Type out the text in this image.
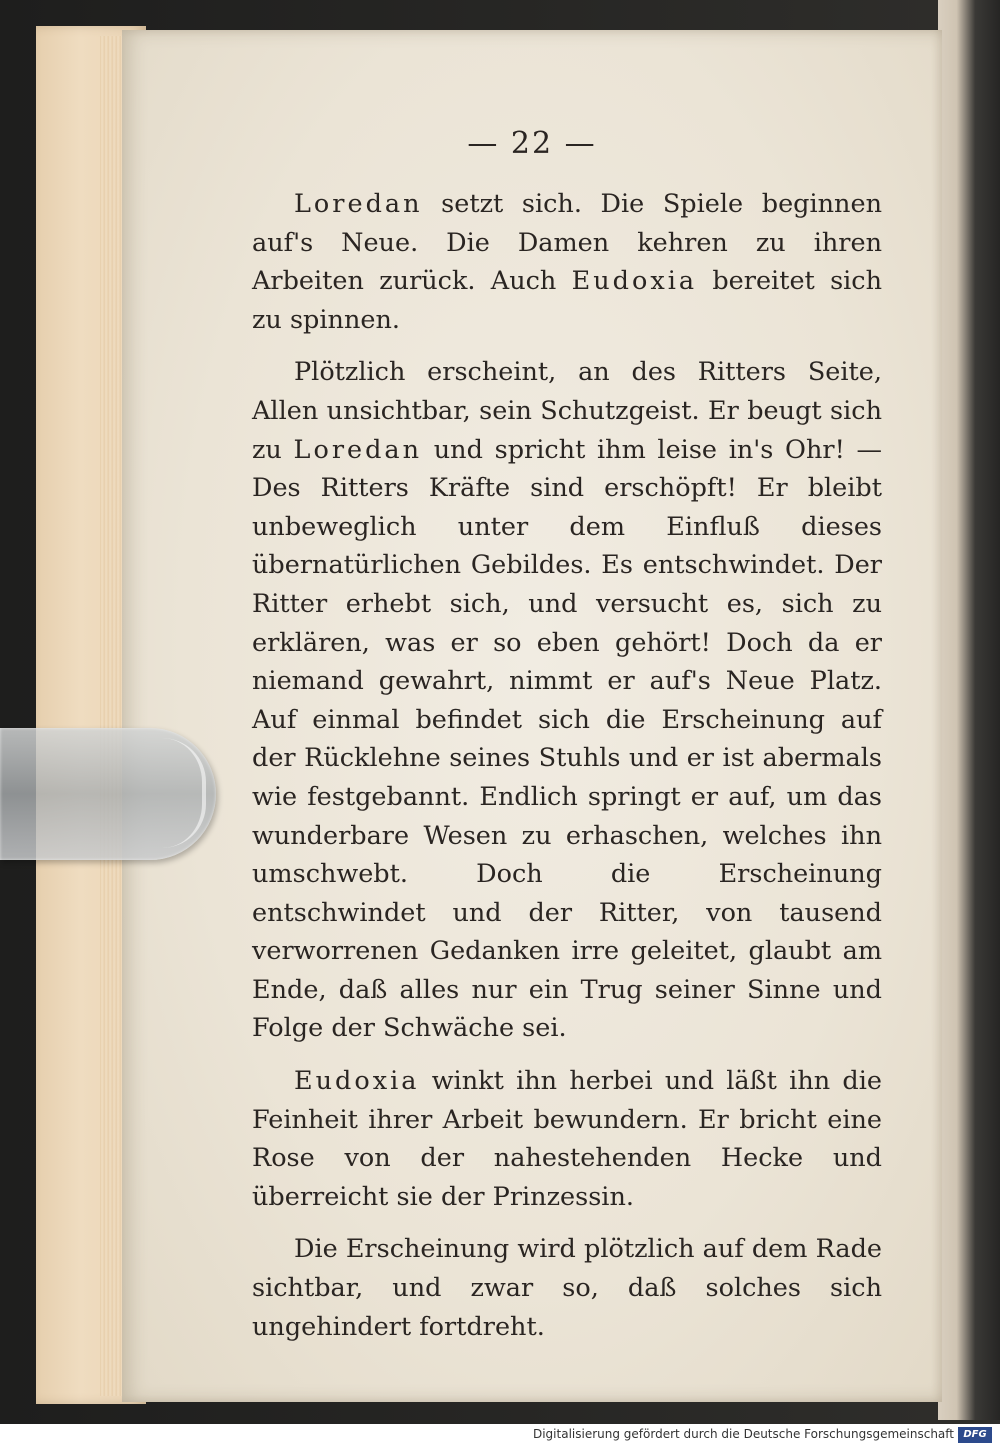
— 22 —

Loredan setzt sich. Die Spiele beginnen auf's Neue. Die Damen kehren zu ihren Arbeiten zurück. Auch Eudoxia bereitet sich zu spinnen.

Plötzlich erscheint, an des Ritters Seite, Allen unsichtbar, sein Schutzgeist. Er beugt sich zu Loredan und spricht ihm leise in's Ohr! — Des Ritters Kräfte sind erschöpft! Er bleibt unbeweglich unter dem Einfluß dieses übernatürlichen Gebildes. Es entschwindet. Der Ritter erhebt sich, und versucht es, sich zu erklären, was er so eben gehört! Doch da er niemand gewahrt, nimmt er auf's Neue Platz. Auf einmal befindet sich die Erscheinung auf der Rücklehne seines Stuhls und er ist abermals wie festgebannt. Endlich springt er auf, um das wunderbare Wesen zu erhaschen, welches ihn umschwebt. Doch die Erscheinung entschwindet und der Ritter, von tausend verworrenen Gedanken irre geleitet, glaubt am Ende, daß alles nur ein Trug seiner Sinne und Folge der Schwäche sei.

Eudoxia winkt ihn herbei und läßt ihn die Feinheit ihrer Arbeit bewundern. Er bricht eine Rose von der nahestehenden Hecke und überreicht sie der Prinzessin.

Die Erscheinung wird plötzlich auf dem Rade sichtbar, und zwar so, daß solches sich ungehindert fortdreht.

Digitalisierung gefördert durch die Deutsche Forschungsgemeinschaft DFG
